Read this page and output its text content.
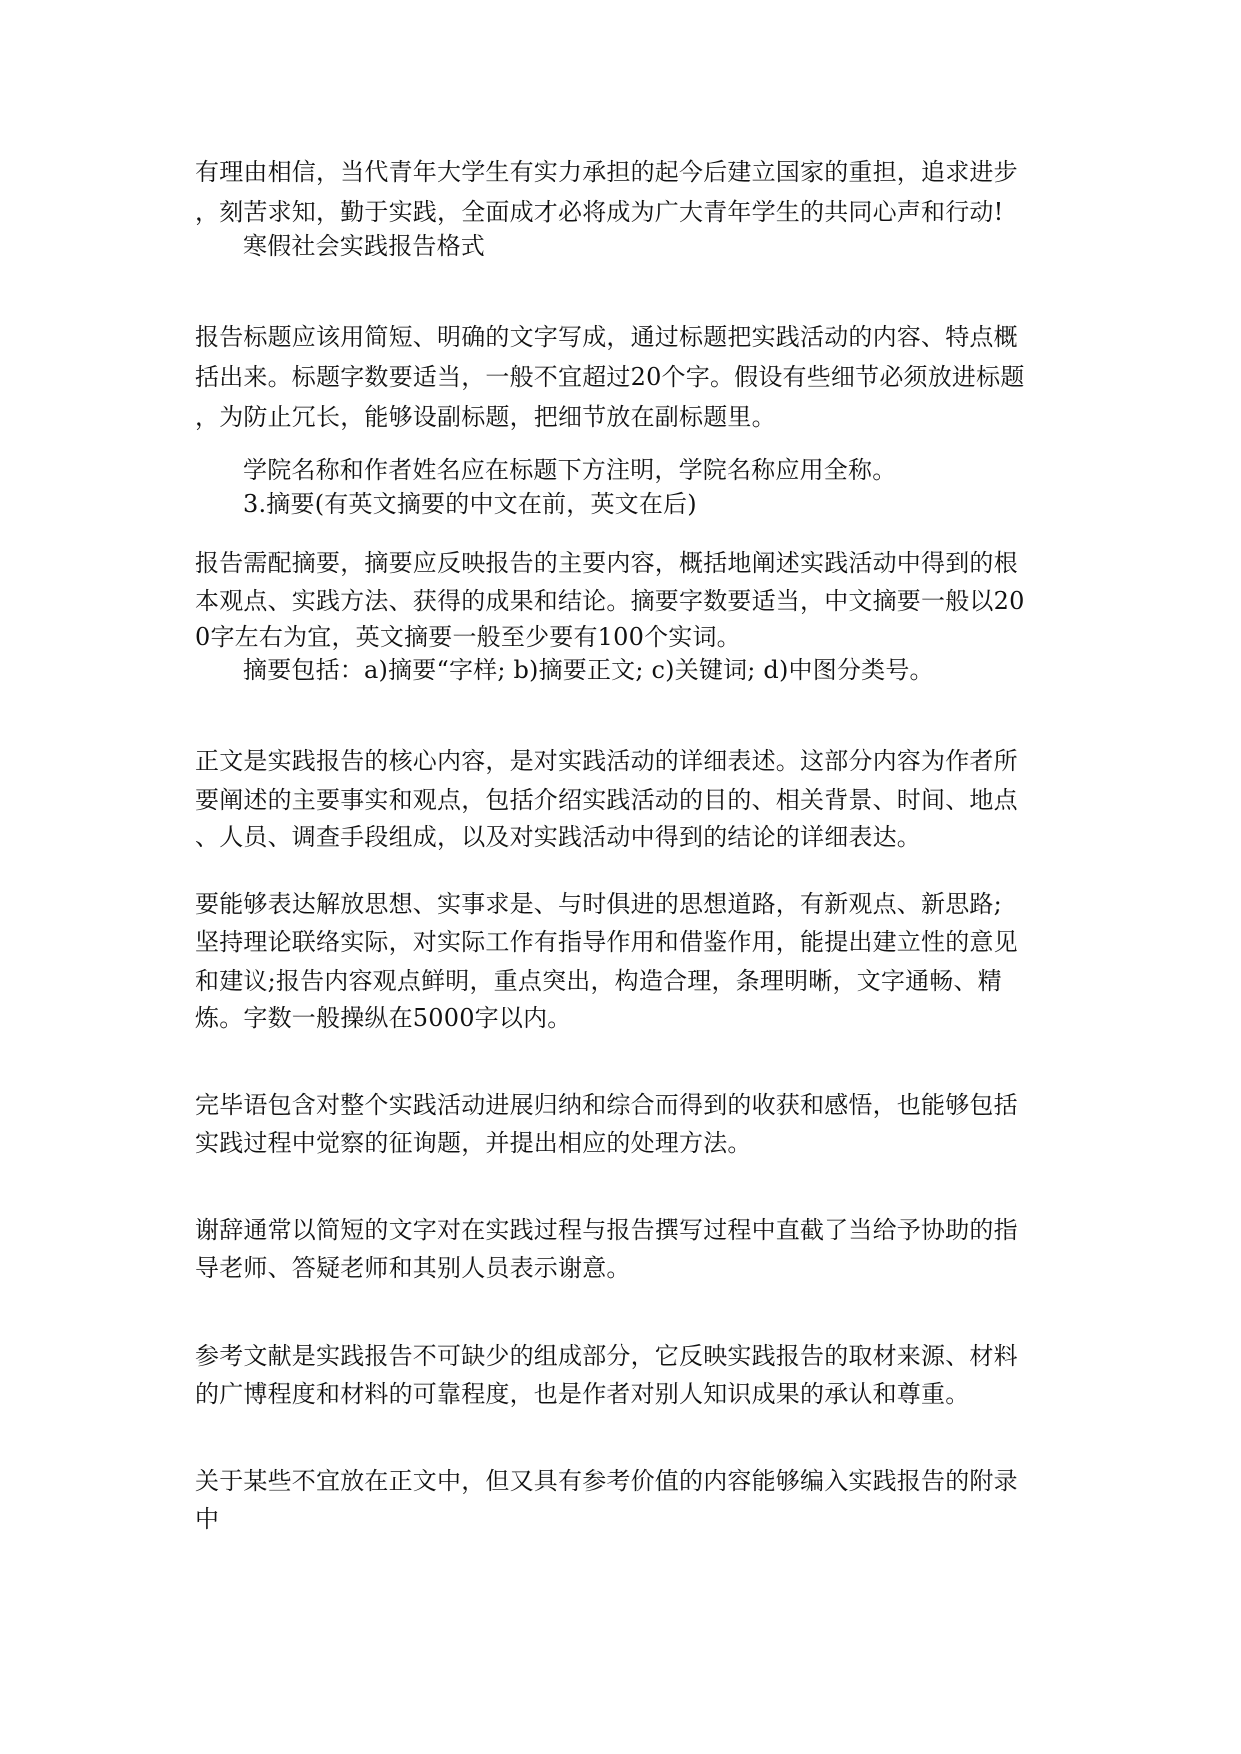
有理由相信，当代青年大学生有实力承担的起今后建立国家的重担，追求进步
，刻苦求知，勤于实践，全面成才必将成为广大青年学生的共同心声和行动!
寒假社会实践报告格式
报告标题应该用简短、明确的文字写成，通过标题把实践活动的内容、特点概
括出来。标题字数要适当，一般不宜超过20个字。假设有些细节必须放进标题
，为防止冗长，能够设副标题，把细节放在副标题里。
学院名称和作者姓名应在标题下方注明，学院名称应用全称。
3.摘要(有英文摘要的中文在前，英文在后)
报告需配摘要，摘要应反映报告的主要内容，概括地阐述实践活动中得到的根
本观点、实践方法、获得的成果和结论。摘要字数要适当，中文摘要一般以20
0字左右为宜，英文摘要一般至少要有100个实词。
摘要包括：a)摘要“字样; b)摘要正文; c)关键词; d)中图分类号。
正文是实践报告的核心内容，是对实践活动的详细表述。这部分内容为作者所
要阐述的主要事实和观点，包括介绍实践活动的目的、相关背景、时间、地点
、人员、调查手段组成，以及对实践活动中得到的结论的详细表达。
要能够表达解放思想、实事求是、与时俱进的思想道路，有新观点、新思路;
坚持理论联络实际，对实际工作有指导作用和借鉴作用，能提出建立性的意见
和建议;报告内容观点鲜明，重点突出，构造合理，条理明晰，文字通畅、精
炼。字数一般操纵在5000字以内。
完毕语包含对整个实践活动进展归纳和综合而得到的收获和感悟，也能够包括
实践过程中觉察的征询题，并提出相应的处理方法。
谢辞通常以简短的文字对在实践过程与报告撰写过程中直截了当给予协助的指
导老师、答疑老师和其别人员表示谢意。
参考文献是实践报告不可缺少的组成部分，它反映实践报告的取材来源、材料
的广博程度和材料的可靠程度，也是作者对别人知识成果的承认和尊重。
关于某些不宜放在正文中，但又具有参考价值的内容能够编入实践报告的附录
中
